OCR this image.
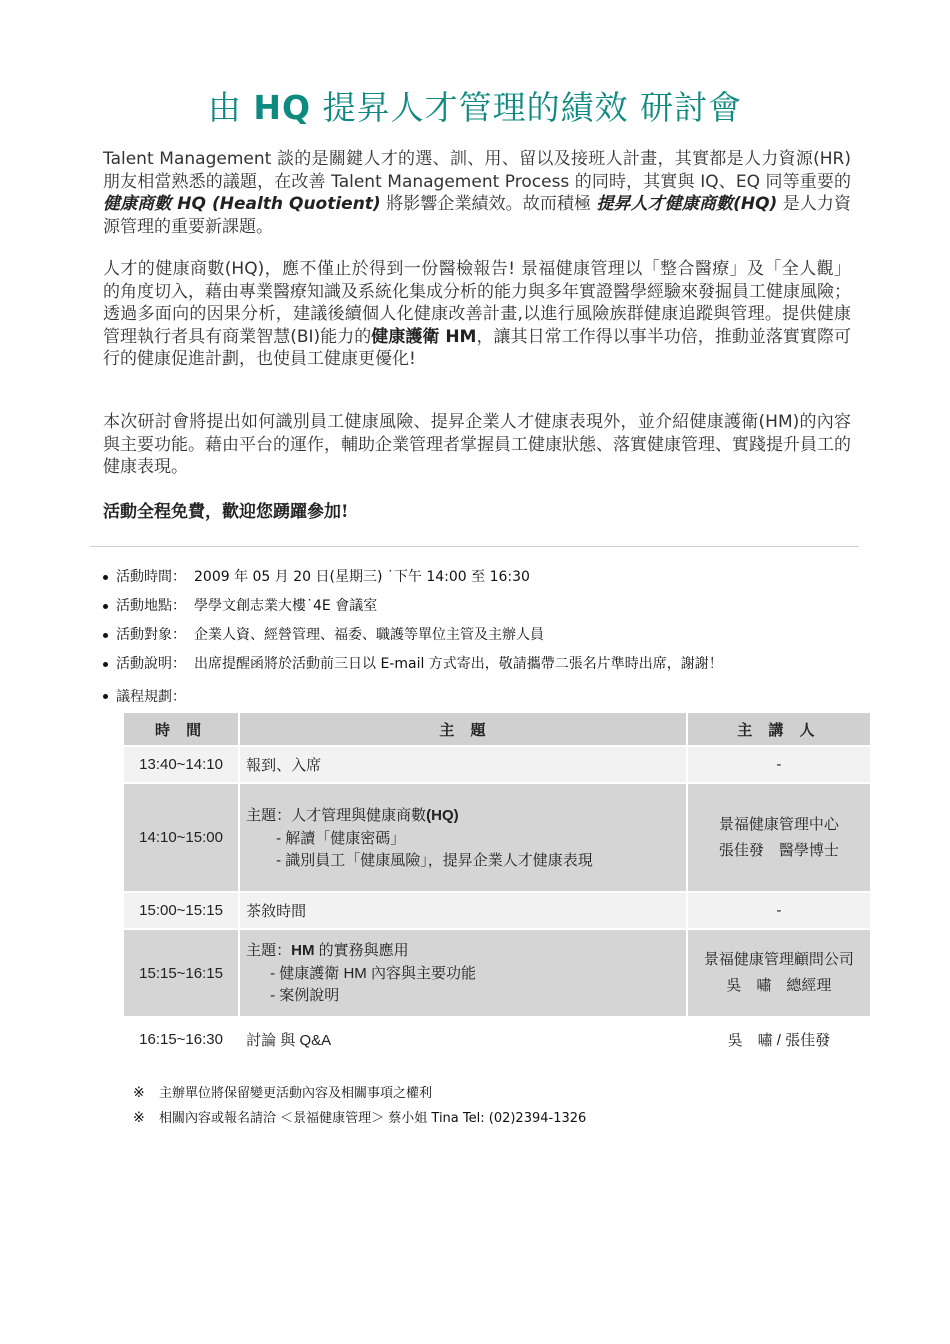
由 HQ 提昇人才管理的績效 研討會

Talent Management 談的是關鍵人才的選、訓、用、留以及接班人計畫，其實都是人力資源(HR)朋友相當熟悉的議題，在改善 Talent Management Process 的同時，其實與 IQ、EQ 同等重要的 健康商數 HQ (Health Quotient) 將影響企業績效。故而積極 提昇人才健康商數(HQ) 是人力資源管理的重要新課題。

人才的健康商數(HQ)，應不僅止於得到一份醫檢報告! 景福健康管理以「整合醫療」及「全人觀」的角度切入，藉由專業醫療知識及系統化集成分析的能力與多年實證醫學經驗來發掘員工健康風險；透過多面向的因果分析，建議後續個人化健康改善計畫,以進行風險族群健康追蹤與管理。提供健康管理執行者具有商業智慧(BI)能力的健康護衛 HM，讓其日常工作得以事半功倍，推動並落實實際可行的健康促進計劃，也使員工健康更優化!

本次研討會將提出如何識別員工健康風險、提昇企業人才健康表現外，並介紹健康護衛(HM)的內容與主要功能。藉由平台的運作，輔助企業管理者掌握員工健康狀態、落實健康管理、實踐提升員工的健康表現。

活動全程免費，歡迎您踴躍參加!

活動時間： 2009 年 05 月 20 日(星期三) ˙下午 14:00 至 16:30
活動地點： 學學文創志業大樓˙4E 會議室
活動對象： 企業人資、經營管理、福委、職護等單位主管及主辦人員
活動說明： 出席提醒函將於活動前三日以 E-mail 方式寄出，敬請攜帶二張名片準時出席，謝謝！
議程規劃：
時 間	主 題	主 講 人
13:40~14:10	報到、入席	-
14:10~15:00	主題：人才管理與健康商數(HQ)
- 解讀「健康密碼」
- 識別員工「健康風險」，提昇企業人才健康表現	景福健康管理中心
張佳發　醫學博士

15:00~15:15	茶敘時間	-
15:15~16:15	主題：HM 的實務與應用
- 健康護衛 HM 內容與主要功能
- 案例說明	景福健康管理顧問公司
吳　嘯　總經理

16:15~16:30	討論 與 Q&A	吳　嘯 / 張佳發
※ 主辦單位將保留變更活動內容及相關事項之權利
※ 相關內容或報名請洽 ＜景福健康管理＞ 蔡小姐 Tina Tel: (02)2394-1326
